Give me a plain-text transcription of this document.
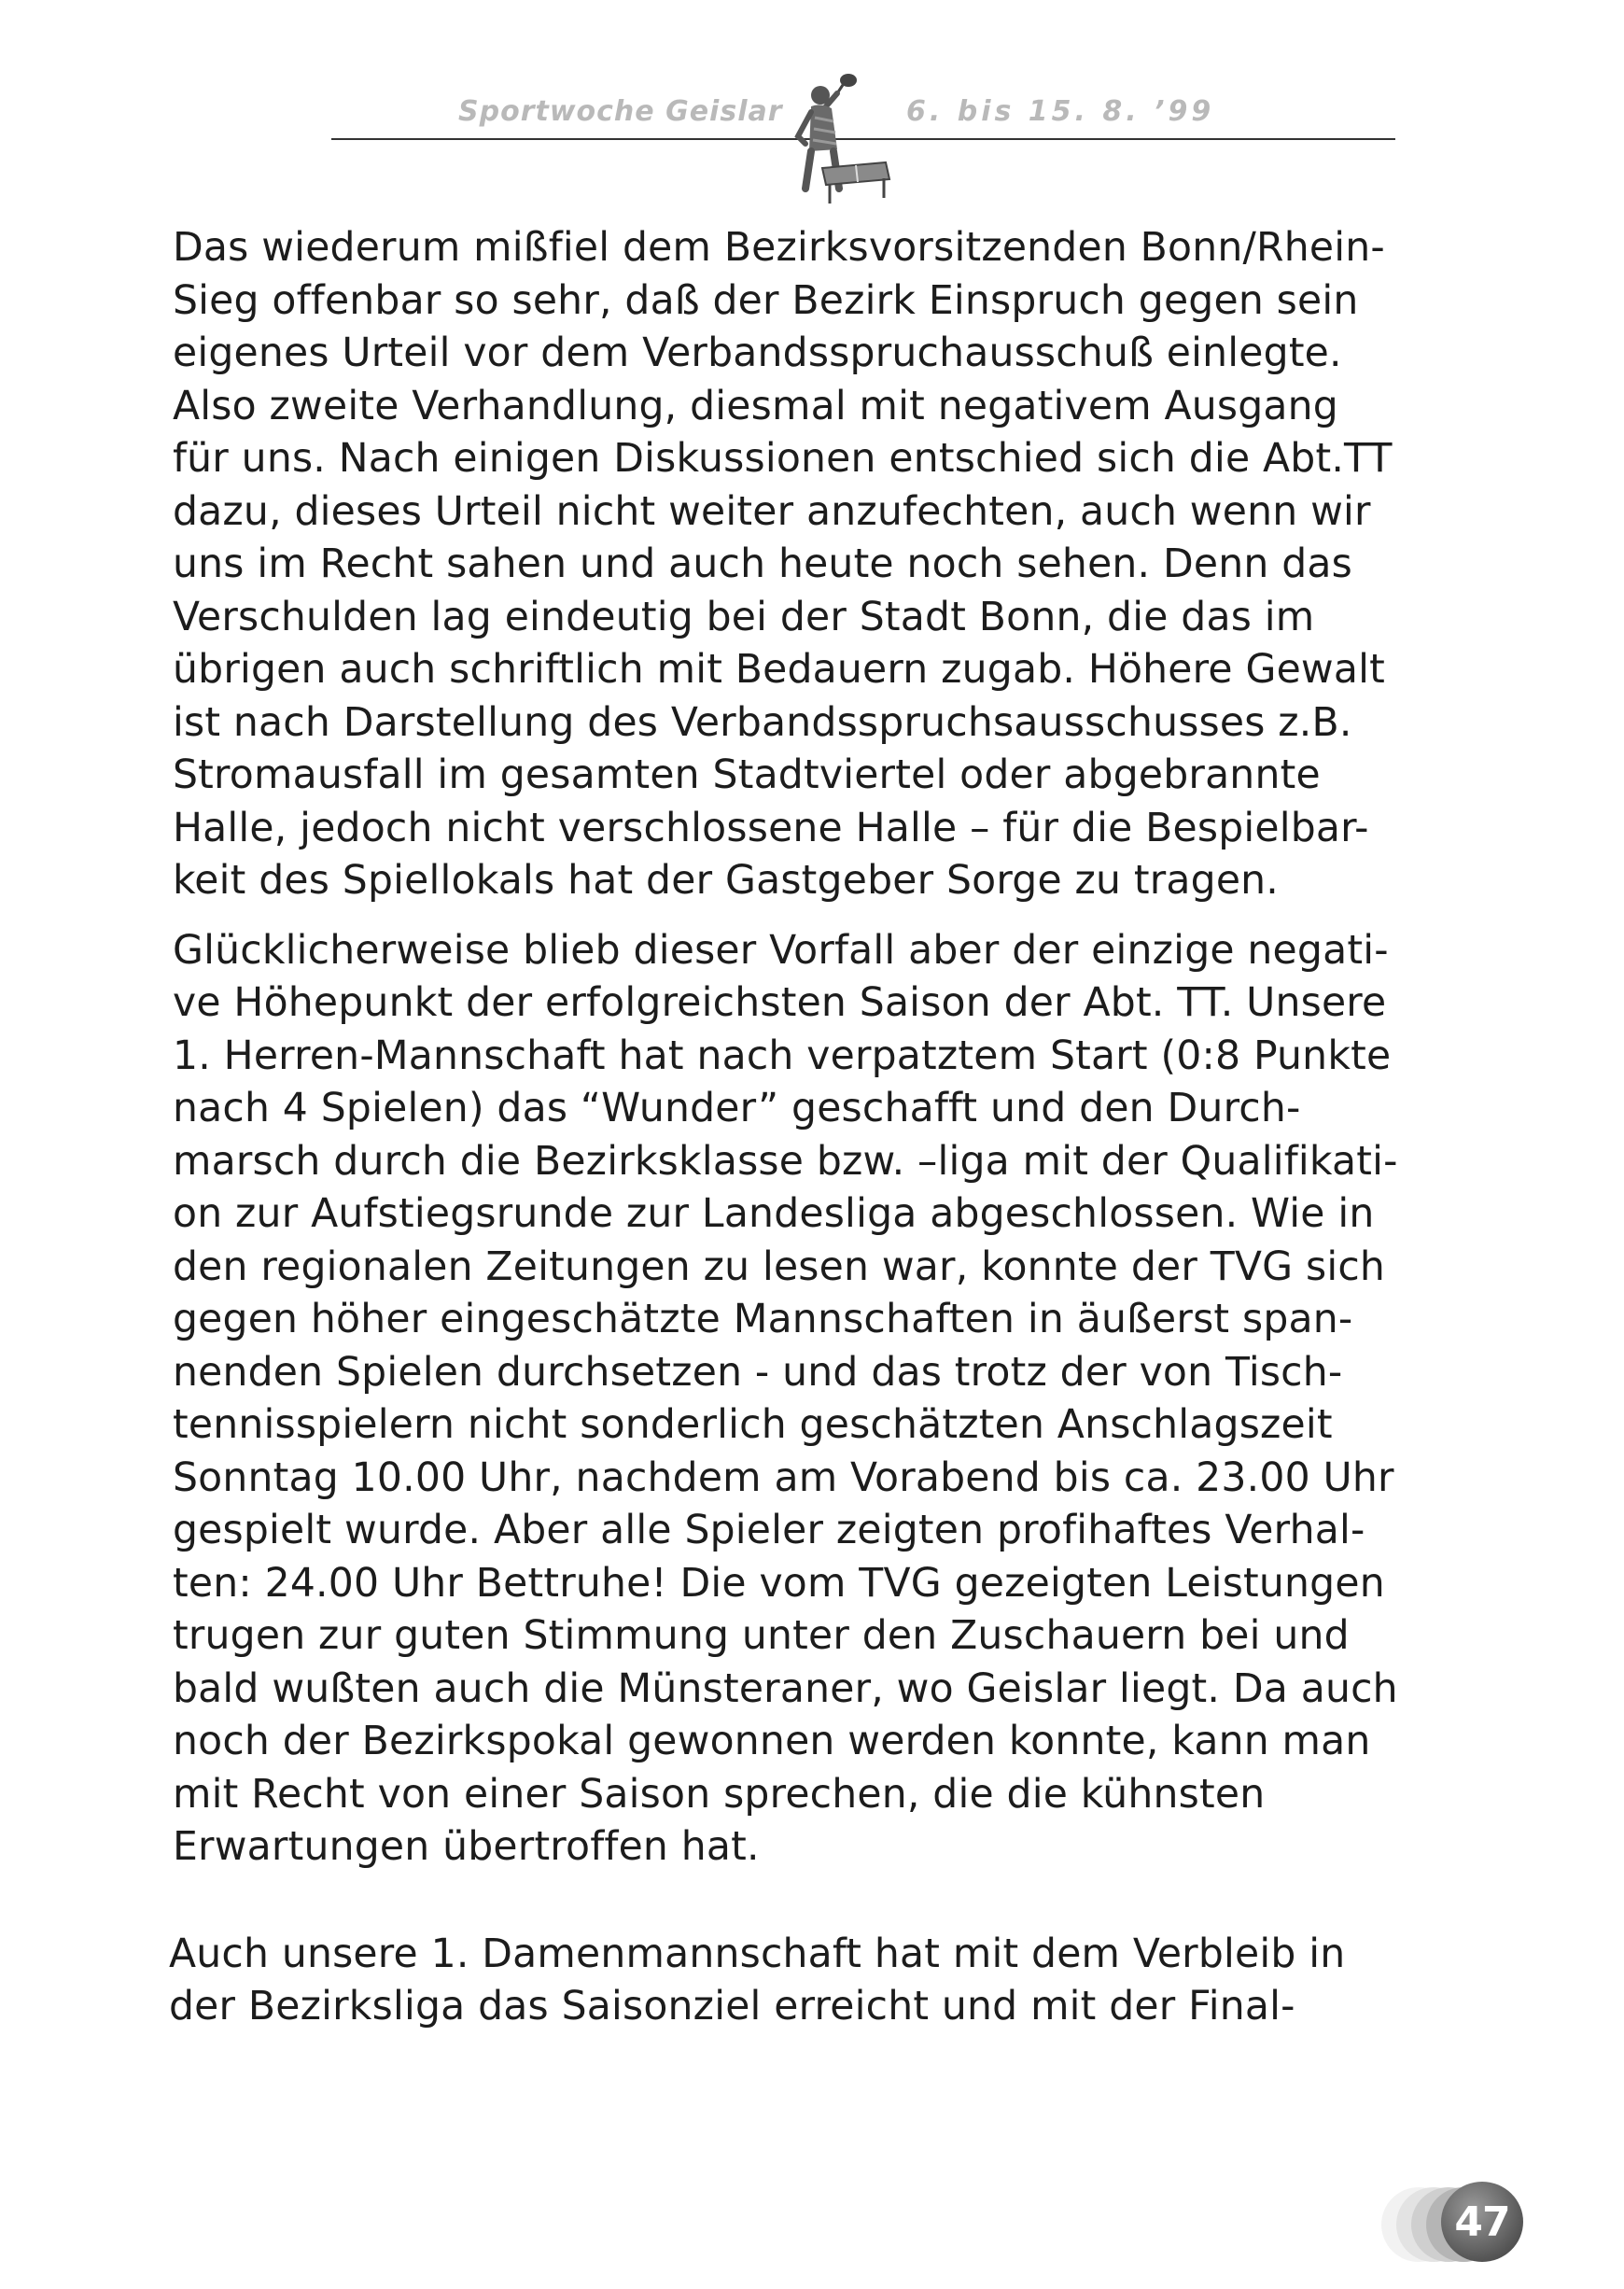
Sportwoche Geislar	6. bis 15. 8. ’99

Das wiederum mißfiel dem Bezirksvorsitzenden Bonn/Rhein-
Sieg offenbar so sehr, daß der Bezirk Einspruch gegen sein
eigenes Urteil vor dem Verbandsspruchausschuß einlegte.
Also zweite Verhandlung, diesmal mit negativem Ausgang
für uns. Nach einigen Diskussionen entschied sich die Abt.TT
dazu, dieses Urteil nicht weiter anzufechten, auch wenn wir
uns im Recht sahen und auch heute noch sehen. Denn das
Verschulden lag eindeutig bei der Stadt Bonn, die das im
übrigen auch schriftlich mit Bedauern zugab. Höhere Gewalt
ist nach Darstellung des Verbandsspruchsausschusses z.B.
Stromausfall im gesamten Stadtviertel oder abgebrannte
Halle, jedoch nicht verschlossene Halle – für die Bespielbar-
keit des Spiellokals hat der Gastgeber Sorge zu tragen.

Glücklicherweise blieb dieser Vorfall aber der einzige negati-
ve Höhepunkt der erfolgreichsten Saison der Abt. TT. Unsere
1. Herren-Mannschaft hat nach verpatztem Start (0:8 Punkte
nach 4 Spielen) das “Wunder” geschafft und den Durch-
marsch durch die Bezirksklasse bzw. –liga mit der Qualifikati-
on zur Aufstiegsrunde zur Landesliga abgeschlossen. Wie in
den regionalen Zeitungen zu lesen war, konnte der TVG sich
gegen höher eingeschätzte Mannschaften in äußerst span-
nenden Spielen durchsetzen - und das trotz der von Tisch-
tennisspielern nicht sonderlich geschätzten Anschlagszeit
Sonntag 10.00 Uhr, nachdem am Vorabend bis ca. 23.00 Uhr
gespielt wurde. Aber alle Spieler zeigten profihaftes Verhal-
ten: 24.00 Uhr Bettruhe! Die vom TVG gezeigten Leistungen
trugen zur guten Stimmung unter den Zuschauern bei und
bald wußten auch die Münsteraner, wo Geislar liegt. Da auch
noch der Bezirkspokal gewonnen werden konnte, kann man
mit Recht von einer Saison sprechen, die die kühnsten
Erwartungen übertroffen hat.

Auch unsere 1. Damenmannschaft hat mit dem Verbleib in
der Bezirksliga das Saisonziel erreicht und mit der Final-

47
